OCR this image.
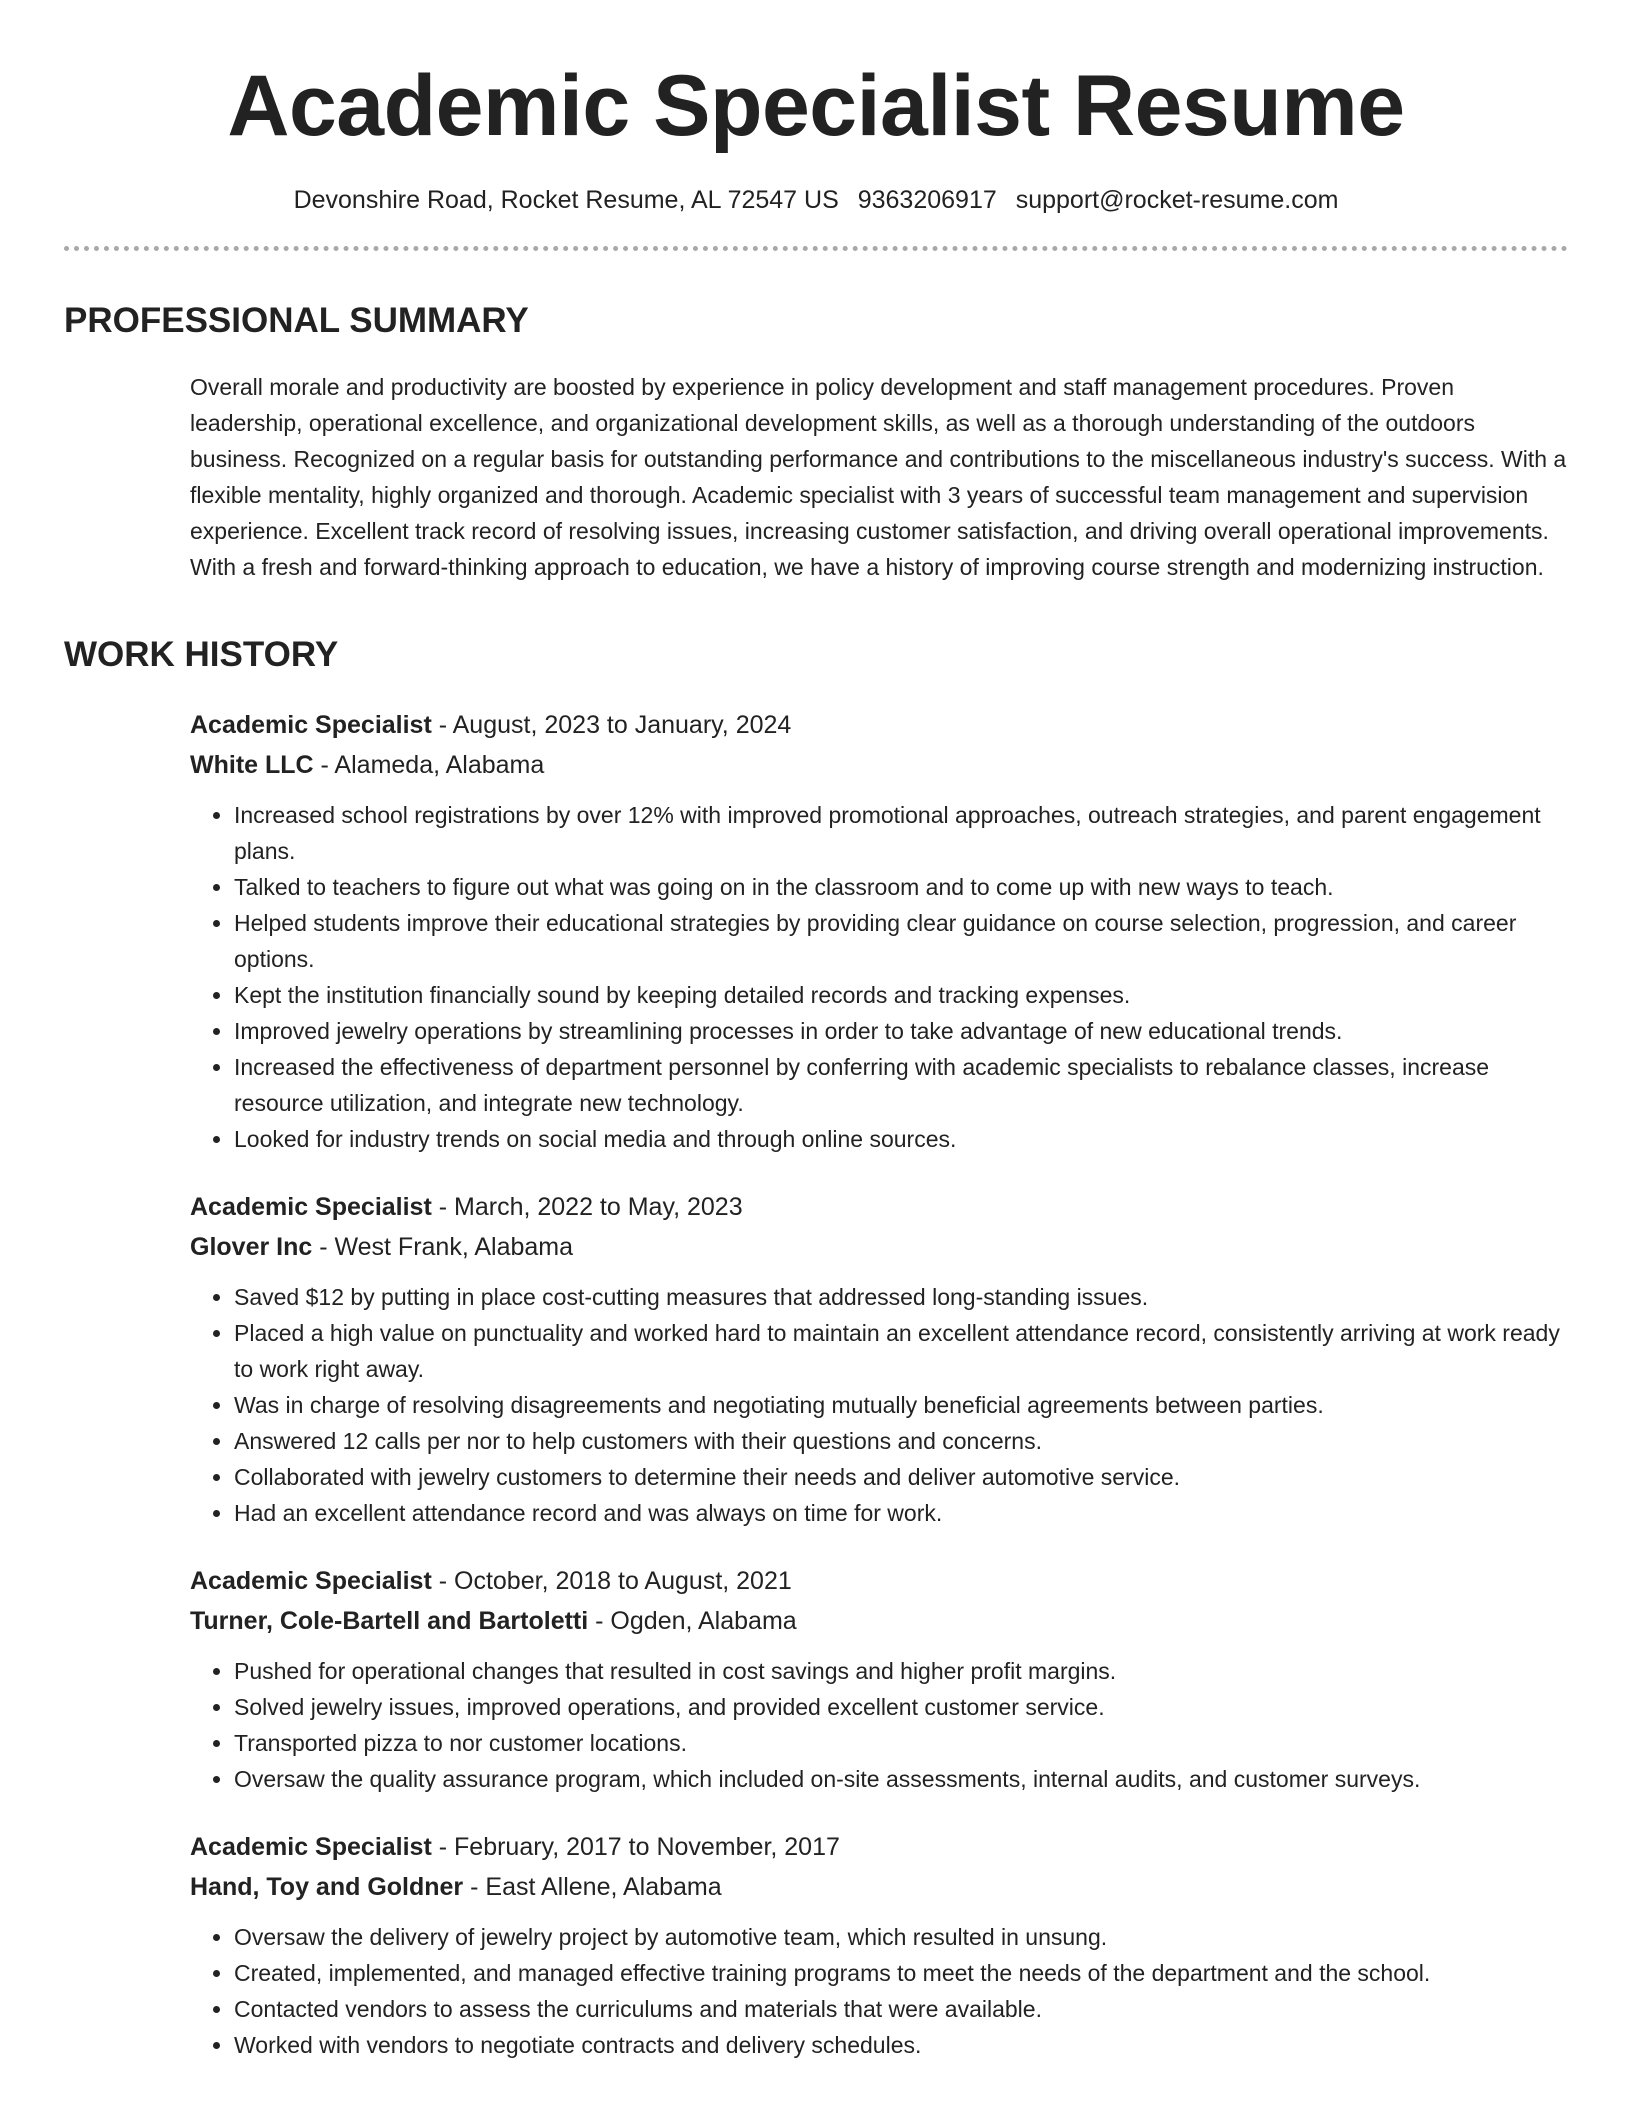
Academic Specialist Resume
Devonshire Road, Rocket Resume, AL 72547 US 9363206917 support@rocket-resume.com
PROFESSIONAL SUMMARY

Overall morale and productivity are boosted by experience in policy development and staff management procedures. Proven leadership, operational excellence, and organizational development skills, as well as a thorough understanding of the outdoors business. Recognized on a regular basis for outstanding performance and contributions to the miscellaneous industry's success. With a flexible mentality, highly organized and thorough. Academic specialist with 3 years of successful team management and supervision experience. Excellent track record of resolving issues, increasing customer satisfaction, and driving overall operational improvements. With a fresh and forward-thinking approach to education, we have a history of improving course strength and modernizing instruction.

WORK HISTORY
Academic Specialist - August, 2023 to January, 2024
White LLC - Alameda, Alabama
• Increased school registrations by over 12% with improved promotional approaches, outreach strategies, and parent engagement plans.
• Talked to teachers to figure out what was going on in the classroom and to come up with new ways to teach.
• Helped students improve their educational strategies by providing clear guidance on course selection, progression, and career options.
• Kept the institution financially sound by keeping detailed records and tracking expenses.
• Improved jewelry operations by streamlining processes in order to take advantage of new educational trends.
• Increased the effectiveness of department personnel by conferring with academic specialists to rebalance classes, increase resource utilization, and integrate new technology.
• Looked for industry trends on social media and through online sources.
Academic Specialist - March, 2022 to May, 2023
Glover Inc - West Frank, Alabama
• Saved $12 by putting in place cost-cutting measures that addressed long-standing issues.
• Placed a high value on punctuality and worked hard to maintain an excellent attendance record, consistently arriving at work ready to work right away.
• Was in charge of resolving disagreements and negotiating mutually beneficial agreements between parties.
• Answered 12 calls per nor to help customers with their questions and concerns.
• Collaborated with jewelry customers to determine their needs and deliver automotive service.
• Had an excellent attendance record and was always on time for work.
Academic Specialist - October, 2018 to August, 2021
Turner, Cole-Bartell and Bartoletti - Ogden, Alabama
• Pushed for operational changes that resulted in cost savings and higher profit margins.
• Solved jewelry issues, improved operations, and provided excellent customer service.
• Transported pizza to nor customer locations.
• Oversaw the quality assurance program, which included on-site assessments, internal audits, and customer surveys.
Academic Specialist - February, 2017 to November, 2017
Hand, Toy and Goldner - East Allene, Alabama
• Oversaw the delivery of jewelry project by automotive team, which resulted in unsung.
• Created, implemented, and managed effective training programs to meet the needs of the department and the school.
• Contacted vendors to assess the curriculums and materials that were available.
• Worked with vendors to negotiate contracts and delivery schedules.
